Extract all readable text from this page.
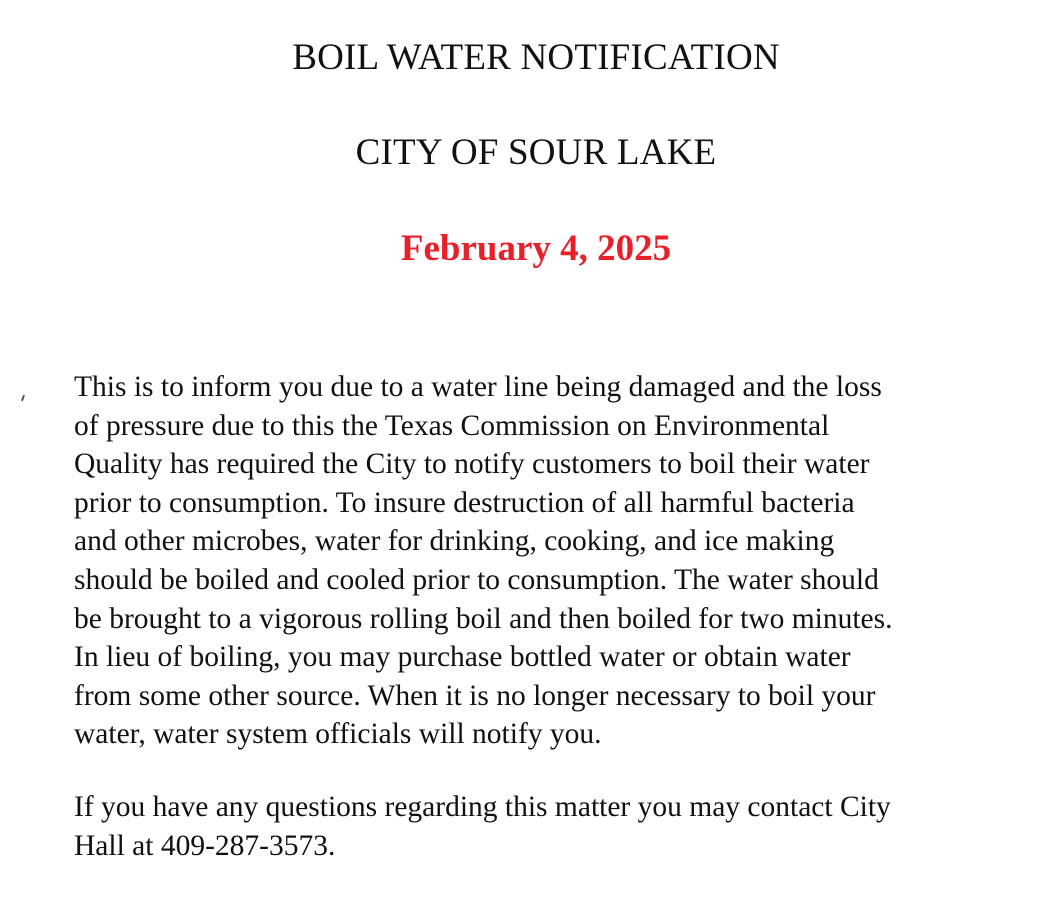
BOIL WATER NOTIFICATION
CITY OF SOUR LAKE
February 4, 2025

This is to inform you due to a water line being damaged and the loss
of pressure due to this the Texas Commission on Environmental
Quality has required the City to notify customers to boil their water
prior to consumption. To insure destruction of all harmful bacteria
and other microbes, water for drinking, cooking, and ice making
should be boiled and cooled prior to consumption. The water should
be brought to a vigorous rolling boil and then boiled for two minutes.
In lieu of boiling, you may purchase bottled water or obtain water
from some other source. When it is no longer necessary to boil your
water, water system officials will notify you.

If you have any questions regarding this matter you may contact City
Hall at 409-287-3573.
